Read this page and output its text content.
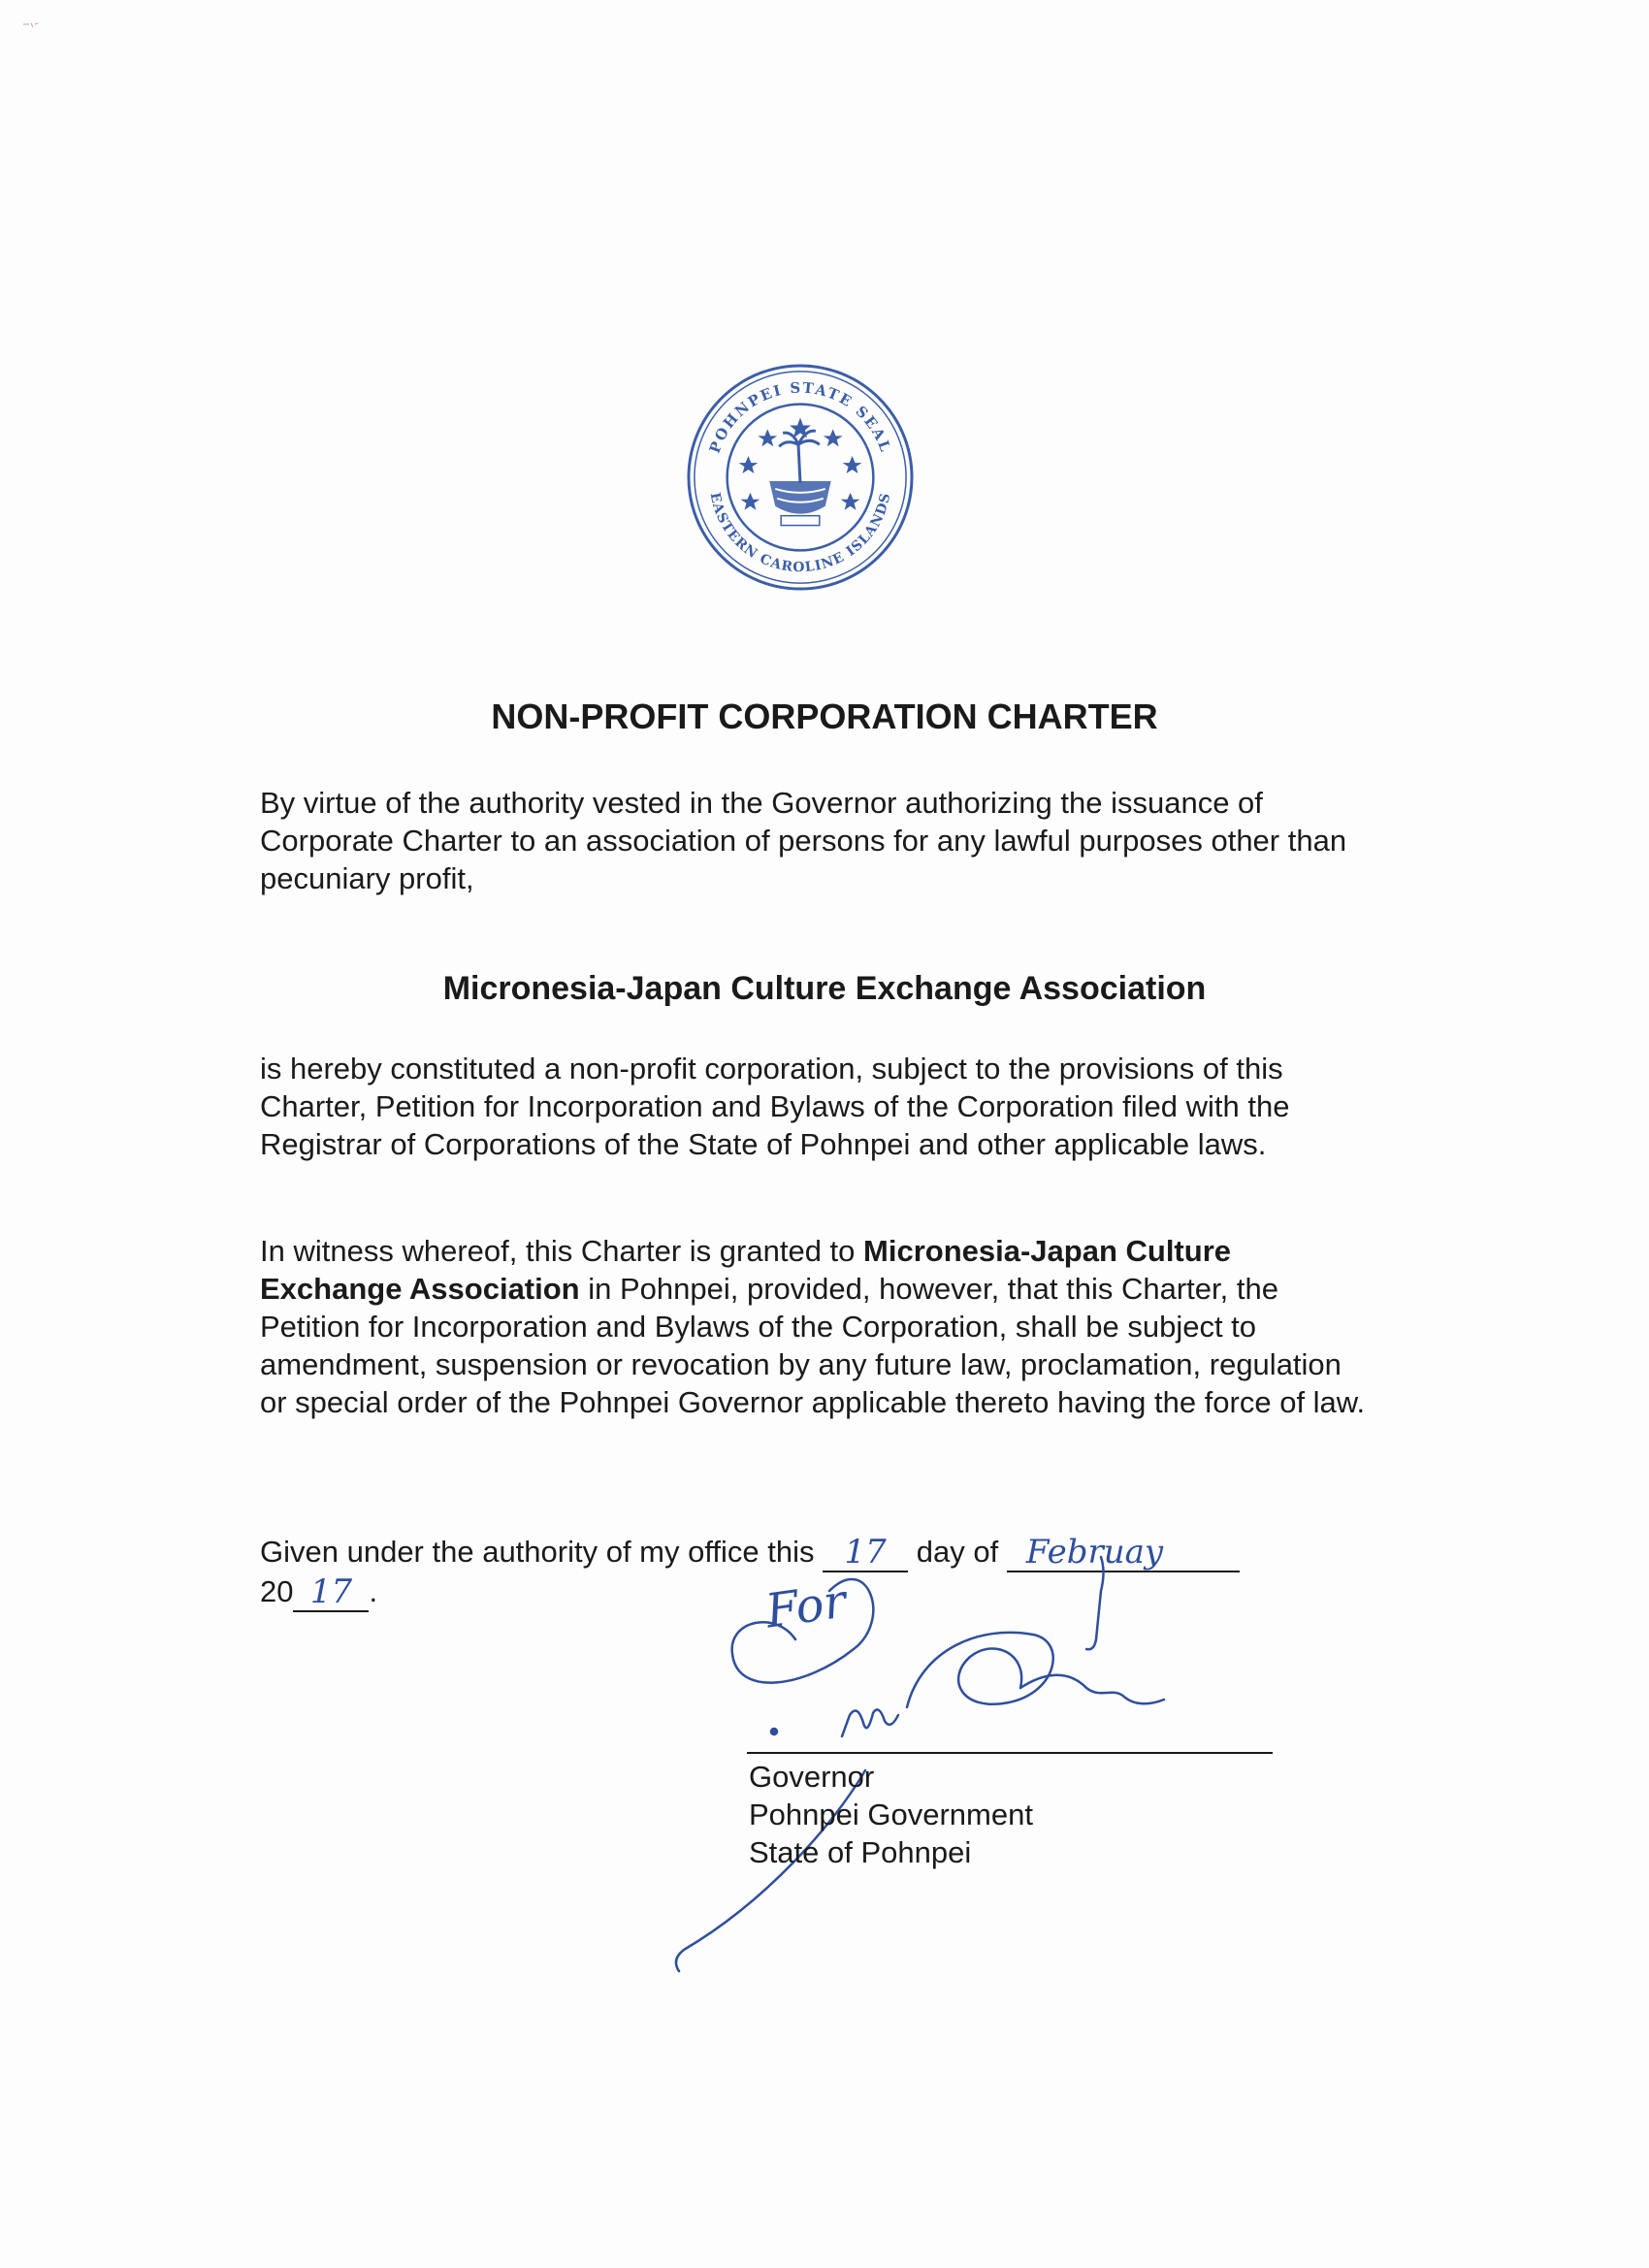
POHNPEI STATE SEAL
EASTERN CAROLINE ISLANDS
NON-PROFIT CORPORATION CHARTER

By virtue of the authority vested in the Governor authorizing the issuance of Corporate Charter to an association of persons for any lawful purposes other than pecuniary profit,

Micronesia-Japan Culture Exchange Association

is hereby constituted a non-profit corporation, subject to the provisions of this Charter, Petition for Incorporation and Bylaws of the Corporation filed with the Registrar of Corporations of the State of Pohnpei and other applicable laws.

In witness whereof, this Charter is granted to Micronesia-Japan Culture Exchange Association in Pohnpei, provided, however, that this Charter, the Petition for Incorporation and Bylaws of the Corporation, shall be subject to amendment, suspension or revocation by any future law, proclamation, regulation or special order of the Pohnpei Governor applicable thereto having the force of law.

Given under the authority of my office this 17	day of Februay

20 17 .	For

Governor
Pohnpei Government
State of Pohnpei
